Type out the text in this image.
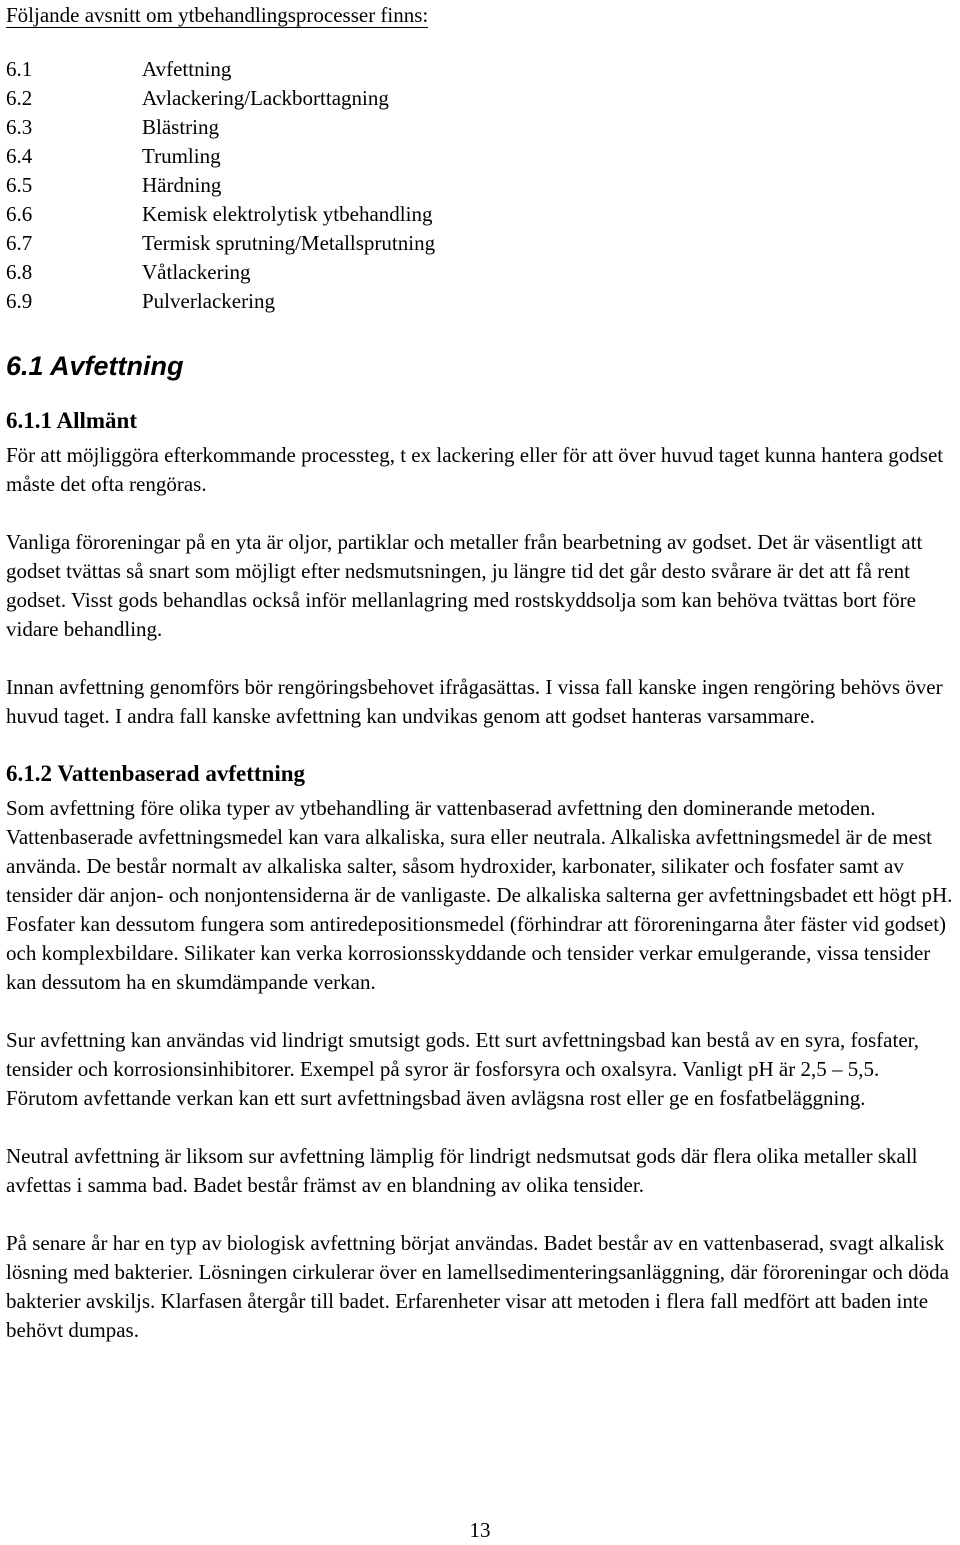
Följande avsnitt om ytbehandlingsprocesser finns:

6.1	Avfettning
6.2	Avlackering/Lackborttagning
6.3	Blästring
6.4	Trumling
6.5	Härdning
6.6	Kemisk elektrolytisk ytbehandling
6.7	Termisk sprutning/Metallsprutning
6.8	Våtlackering
6.9	Pulverlackering
6.1 Avfettning
6.1.1 Allmänt

För att möjliggöra efterkommande processteg, t ex lackering eller för att över huvud taget kunna hantera godset måste det ofta rengöras.

Vanliga föroreningar på en yta är oljor, partiklar och metaller från bearbetning av godset. Det är väsentligt att godset tvättas så snart som möjligt efter nedsmutsningen, ju längre tid det går desto svårare är det att få rent godset. Visst gods behandlas också inför mellanlagring med rostskyddsolja som kan behöva tvättas bort före vidare behandling.

Innan avfettning genomförs bör rengöringsbehovet ifrågasättas. I vissa fall kanske ingen rengöring behövs över huvud taget. I andra fall kanske avfettning kan undvikas genom att godset hanteras varsammare.

6.1.2 Vattenbaserad avfettning

Som avfettning före olika typer av ytbehandling är vattenbaserad avfettning den dominerande metoden. Vattenbaserade avfettningsmedel kan vara alkaliska, sura eller neutrala. Alkaliska avfettningsmedel är de mest använda. De består normalt av alkaliska salter, såsom hydroxider, karbonater, silikater och fosfater samt av tensider där anjon- och nonjontensiderna är de vanligaste. De alkaliska salterna ger avfettningsbadet ett högt pH. Fosfater kan dessutom fungera som antiredepositionsmedel (förhindrar att föroreningarna åter fäster vid godset) och komplexbildare. Silikater kan verka korrosionsskyddande och tensider verkar emulgerande, vissa tensider kan dessutom ha en skumdämpande verkan.

Sur avfettning kan användas vid lindrigt smutsigt gods. Ett surt avfettningsbad kan bestå av en syra, fosfater, tensider och korrosionsinhibitorer. Exempel på syror är fosforsyra och oxalsyra. Vanligt pH är 2,5 – 5,5. Förutom avfettande verkan kan ett surt avfettningsbad även avlägsna rost eller ge en fosfatbeläggning.

Neutral avfettning är liksom sur avfettning lämplig för lindrigt nedsmutsat gods där flera olika metaller skall avfettas i samma bad. Badet består främst av en blandning av olika tensider.

På senare år har en typ av biologisk avfettning börjat användas. Badet består av en vattenbaserad, svagt alkalisk lösning med bakterier. Lösningen cirkulerar över en lamellsedimenteringsanläggning, där föroreningar och döda bakterier avskiljs. Klarfasen återgår till badet. Erfarenheter visar att metoden i flera fall medfört att baden inte behövt dumpas.

13
